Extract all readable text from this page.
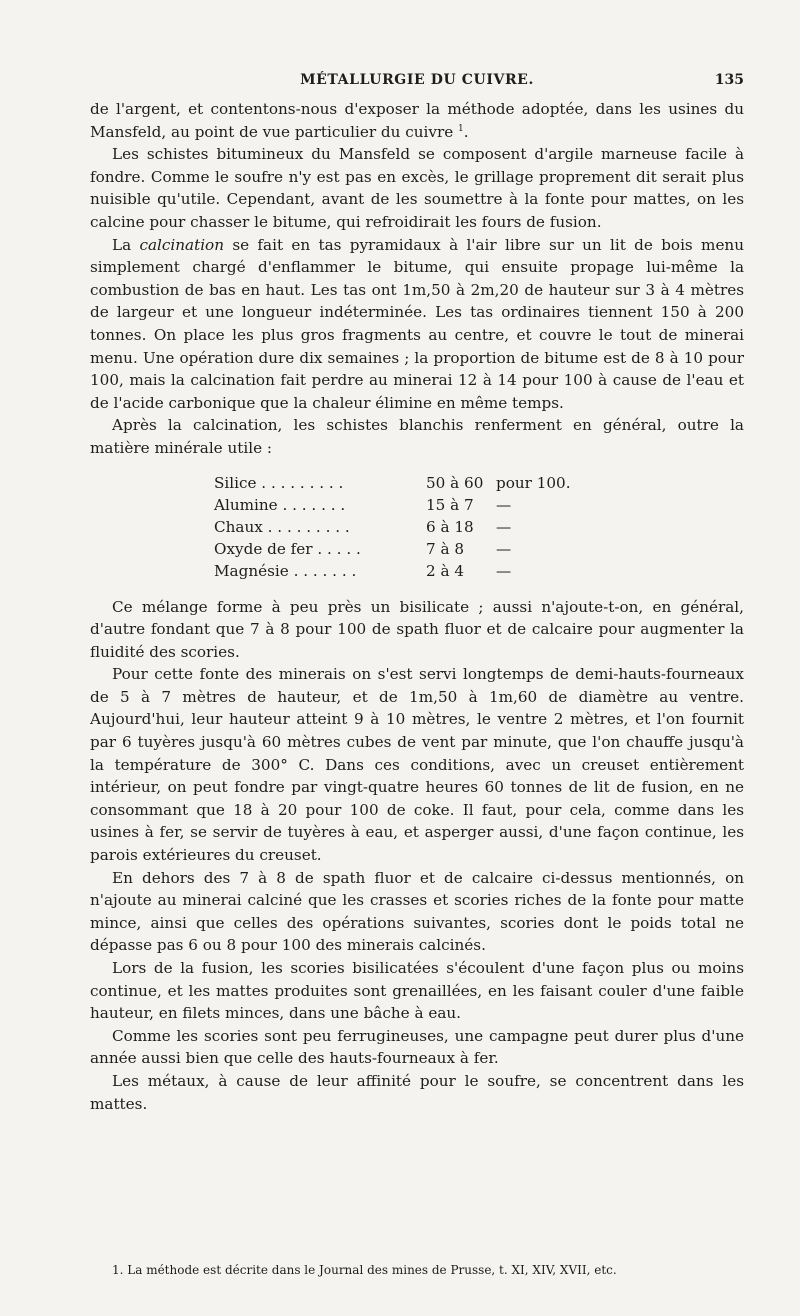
MÉTALLURGIE DU CUIVRE.	135

de l'argent, et contentons-nous d'exposer la méthode adoptée, dans les usines du Mansfeld, au point de vue particulier du cuivre $^1$.

Les schistes bitumineux du Mansfeld se composent d'argile marneuse facile à fondre. Comme le soufre n'y est pas en excès, le grillage proprement dit serait plus nuisible qu'utile. Cependant, avant de les soumettre à la fonte pour mattes, on les calcine pour chasser le bitume, qui refroidirait les fours de fusion.

La calcination se fait en tas pyramidaux à l'air libre sur un lit de bois menu simplement chargé d'enflammer le bitume, qui ensuite propage lui-même la combustion de bas en haut. Les tas ont 1m,50 à 2m,20 de hauteur sur 3 à 4 mètres de largeur et une longueur indéterminée. Les tas ordinaires tiennent 150 à 200 tonnes. On place les plus gros fragments au centre, et couvre le tout de minerai menu. Une opération dure dix semaines ; la proportion de bitume est de 8 à 10 pour 100, mais la calcination fait perdre au minerai 12 à 14 pour 100 à cause de l'eau et de l'acide carbonique que la chaleur élimine en même temps.

Après la calcination, les schistes blanchis renferment en général, outre la matière minérale utile :

Silice . . . . . . . . .	50 à 60 pour 100.
Alumine . . . . . . .	15 à 7	—
Chaux . . . . . . . . .	6 à 18	—
Oxyde de fer . . . . .	7 à 8	—
Magnésie . . . . . . .	2 à 4	—

Ce mélange forme à peu près un bisilicate ; aussi n'ajoute-t-on, en général, d'autre fondant que 7 à 8 pour 100 de spath fluor et de calcaire pour augmenter la fluidité des scories.

Pour cette fonte des minerais on s'est servi longtemps de demi-hauts-fourneaux de 5 à 7 mètres de hauteur, et de 1m,50 à 1m,60 de diamètre au ventre. Aujourd'hui, leur hauteur atteint 9 à 10 mètres, le ventre 2 mètres, et l'on fournit par 6 tuyères jusqu'à 60 mètres cubes de vent par minute, que l'on chauffe jusqu'à la température de 300° C. Dans ces conditions, avec un creuset entièrement intérieur, on peut fondre par vingt-quatre heures 60 tonnes de lit de fusion, en ne consommant que 18 à 20 pour 100 de coke. Il faut, pour cela, comme dans les usines à fer, se servir de tuyères à eau, et asperger aussi, d'une façon continue, les parois extérieures du creuset.

En dehors des 7 à 8 de spath fluor et de calcaire ci-dessus mentionnés, on n'ajoute au minerai calciné que les crasses et scories riches de la fonte pour matte mince, ainsi que celles des opérations suivantes, scories dont le poids total ne dépasse pas 6 ou 8 pour 100 des minerais calcinés.

Lors de la fusion, les scories bisilicatées s'écoulent d'une façon plus ou moins continue, et les mattes produites sont grenaillées, en les faisant couler d'une faible hauteur, en filets minces, dans une bâche à eau.

Comme les scories sont peu ferrugineuses, une campagne peut durer plus d'une année aussi bien que celle des hauts-fourneaux à fer.

Les métaux, à cause de leur affinité pour le soufre, se concentrent dans les mattes.

1. La méthode est décrite dans le Journal des mines de Prusse, t. XI, XIV, XVII, etc.
